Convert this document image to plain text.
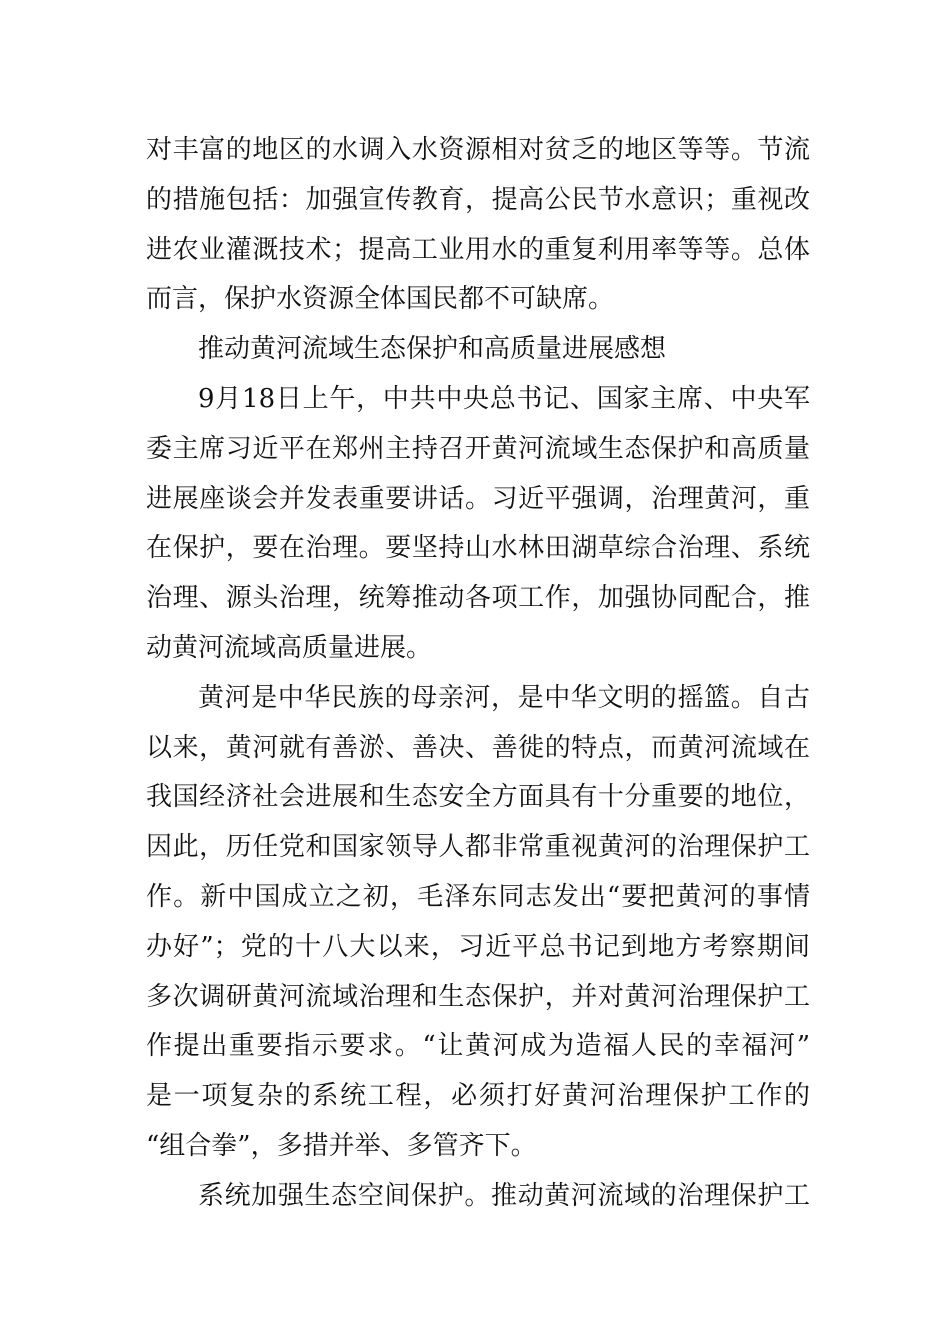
对丰富的地区的水调入水资源相对贫乏的地区等等。节流
的措施包括：加强宣传教育，提高公民节水意识；重视改
进农业灌溉技术；提高工业用水的重复利用率等等。总体
而言，保护水资源全体国民都不可缺席。
推动黄河流域生态保护和高质量进展感想
9月18日上午，中共中央总书记、国家主席、中央军
委主席习近平在郑州主持召开黄河流域生态保护和高质量
进展座谈会并发表重要讲话。习近平强调，治理黄河，重
在保护，要在治理。要坚持山水林田湖草综合治理、系统
治理、源头治理，统筹推动各项工作，加强协同配合，推
动黄河流域高质量进展。
黄河是中华民族的母亲河，是中华文明的摇篮。自古
以来，黄河就有善淤、善决、善徙的特点，而黄河流域在
我国经济社会进展和生态安全方面具有十分重要的地位，
因此，历任党和国家领导人都非常重视黄河的治理保护工
作。新中国成立之初，毛泽东同志发出“要把黄河的事情
办好”；党的十八大以来，习近平总书记到地方考察期间
多次调研黄河流域治理和生态保护，并对黄河治理保护工
作提出重要指示要求。“让黄河成为造福人民的幸福河”
是一项复杂的系统工程，必须打好黄河治理保护工作的
“组合拳”，多措并举、多管齐下。
系统加强生态空间保护。推动黄河流域的治理保护工
